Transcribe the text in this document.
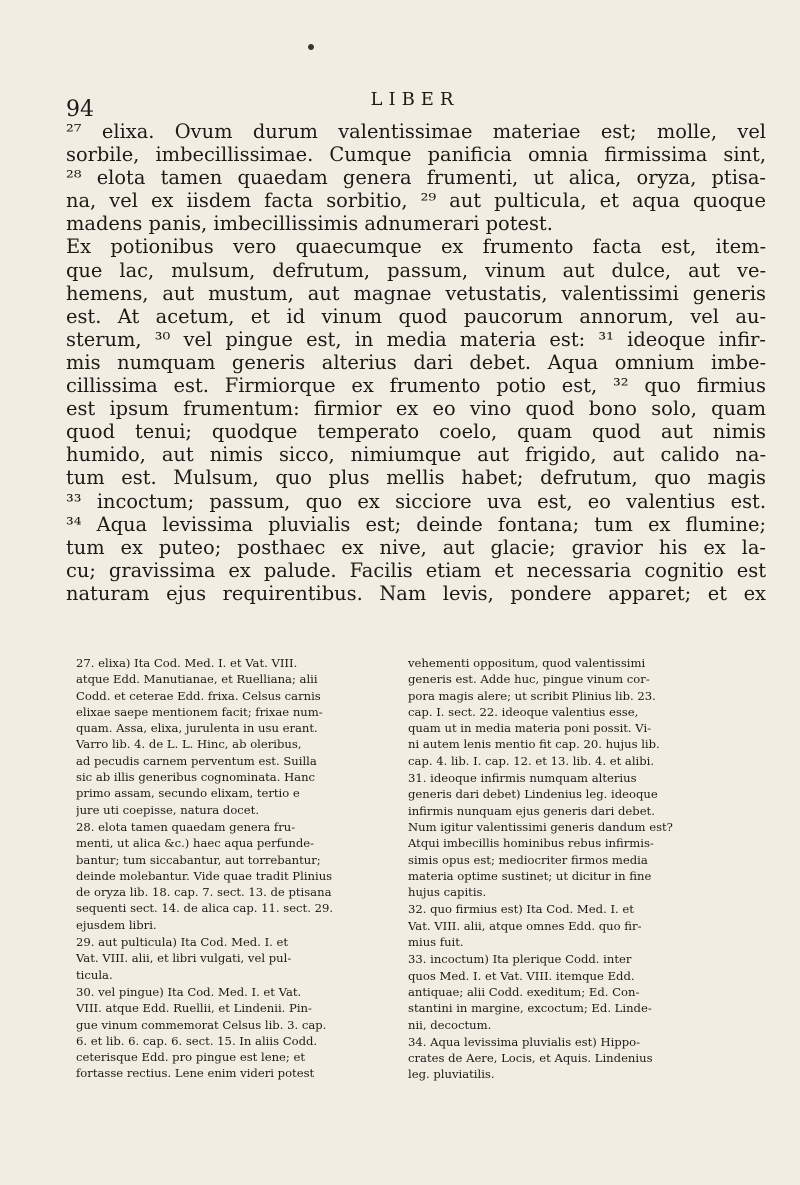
94	LIBER
²⁷ elixa. Ovum durum valentissimae materiae est; molle, vel
sorbile, imbecillissimae. Cumque panificia omnia firmissima sint,
²⁸ elota tamen quaedam genera frumenti, ut alica, oryza, ptisa-
na, vel ex iisdem facta sorbitio, ²⁹ aut pulticula, et aqua quoque
madens panis, imbecillissimis adnumerari potest.
Ex potionibus vero quaecumque ex frumento facta est, item-
que lac, mulsum, defrutum, passum, vinum aut dulce, aut ve-
hemens, aut mustum, aut magnae vetustatis, valentissimi generis
est. At acetum, et id vinum quod paucorum annorum, vel au-
sterum, ³⁰ vel pingue est, in media materia est: ³¹ ideoque infir-
mis numquam generis alterius dari debet. Aqua omnium imbe-
cillissima est. Firmiorque ex frumento potio est, ³² quo firmius
est ipsum frumentum: firmior ex eo vino quod bono solo, quam
quod tenui; quodque temperato coelo, quam quod aut nimis
humido, aut nimis sicco, nimiumque aut frigido, aut calido na-
tum est. Mulsum, quo plus mellis habet; defrutum, quo magis
³³ incoctum; passum, quo ex sicciore uva est, eo valentius est.
³⁴ Aqua levissima pluvialis est; deinde fontana; tum ex flumine;
tum ex puteo; posthaec ex nive, aut glacie; gravior his ex la-
cu; gravissima ex palude. Facilis etiam et necessaria cognitio est
naturam ejus requirentibus. Nam levis, pondere apparet; et ex
27. elixa) Ita Cod. Med. I. et Vat. VIII.
atque Edd. Manutianae, et Ruelliana; alii
Codd. et ceterae Edd. frixa. Celsus carnis
elixae saepe mentionem facit; frixae num-
quam. Assa, elixa, jurulenta in usu erant.
Varro lib. 4. de L. L. Hinc, ab oleribus,
ad pecudis carnem perventum est. Suilla
sic ab illis generibus cognominata. Hanc
primo assam, secundo elixam, tertio e
jure uti coepisse, natura docet.
28. elota tamen quaedam genera fru-
menti, ut alica &c.) haec aqua perfunde-
bantur; tum siccabantur, aut torrebantur;
deinde molebantur. Vide quae tradit Plinius
de oryza lib. 18. cap. 7. sect. 13. de ptisana
sequenti sect. 14. de alica cap. 11. sect. 29.
ejusdem libri.
29. aut pulticula) Ita Cod. Med. I. et
Vat. VIII. alii, et libri vulgati, vel pul-
ticula.
30. vel pingue) Ita Cod. Med. I. et Vat.
VIII. atque Edd. Ruellii, et Lindenii. Pin-
gue vinum commemorat Celsus lib. 3. cap.
6. et lib. 6. cap. 6. sect. 15. In aliis Codd.
ceterisque Edd. pro pingue est lene; et
fortasse rectius. Lene enim videri potest
vehementi oppositum, quod valentissimi
generis est. Adde huc, pingue vinum cor-
pora magis alere; ut scribit Plinius lib. 23.
cap. I. sect. 22. ideoque valentius esse,
quam ut in media materia poni possit. Vi-
ni autem lenis mentio fit cap. 20. hujus lib.
cap. 4. lib. I. cap. 12. et 13. lib. 4. et alibi.
31. ideoque infirmis numquam alterius
generis dari debet) Lindenius leg. ideoque
infirmis nunquam ejus generis dari debet.
Num igitur valentissimi generis dandum est?
Atqui imbecillis hominibus rebus infirmis-
simis opus est; mediocriter firmos media
materia optime sustinet; ut dicitur in fine
hujus capitis.
32. quo firmius est) Ita Cod. Med. I. et
Vat. VIII. alii, atque omnes Edd. quo fir-
mius fuit.
33. incoctum) Ita plerique Codd. inter
quos Med. I. et Vat. VIII. itemque Edd.
antiquae; alii Codd. exeditum; Ed. Con-
stantini in margine, excoctum; Ed. Linde-
nii, decoctum.
34. Aqua levissima pluvialis est) Hippo-
crates de Aere, Locis, et Aquis. Lindenius
leg. pluviatilis.
